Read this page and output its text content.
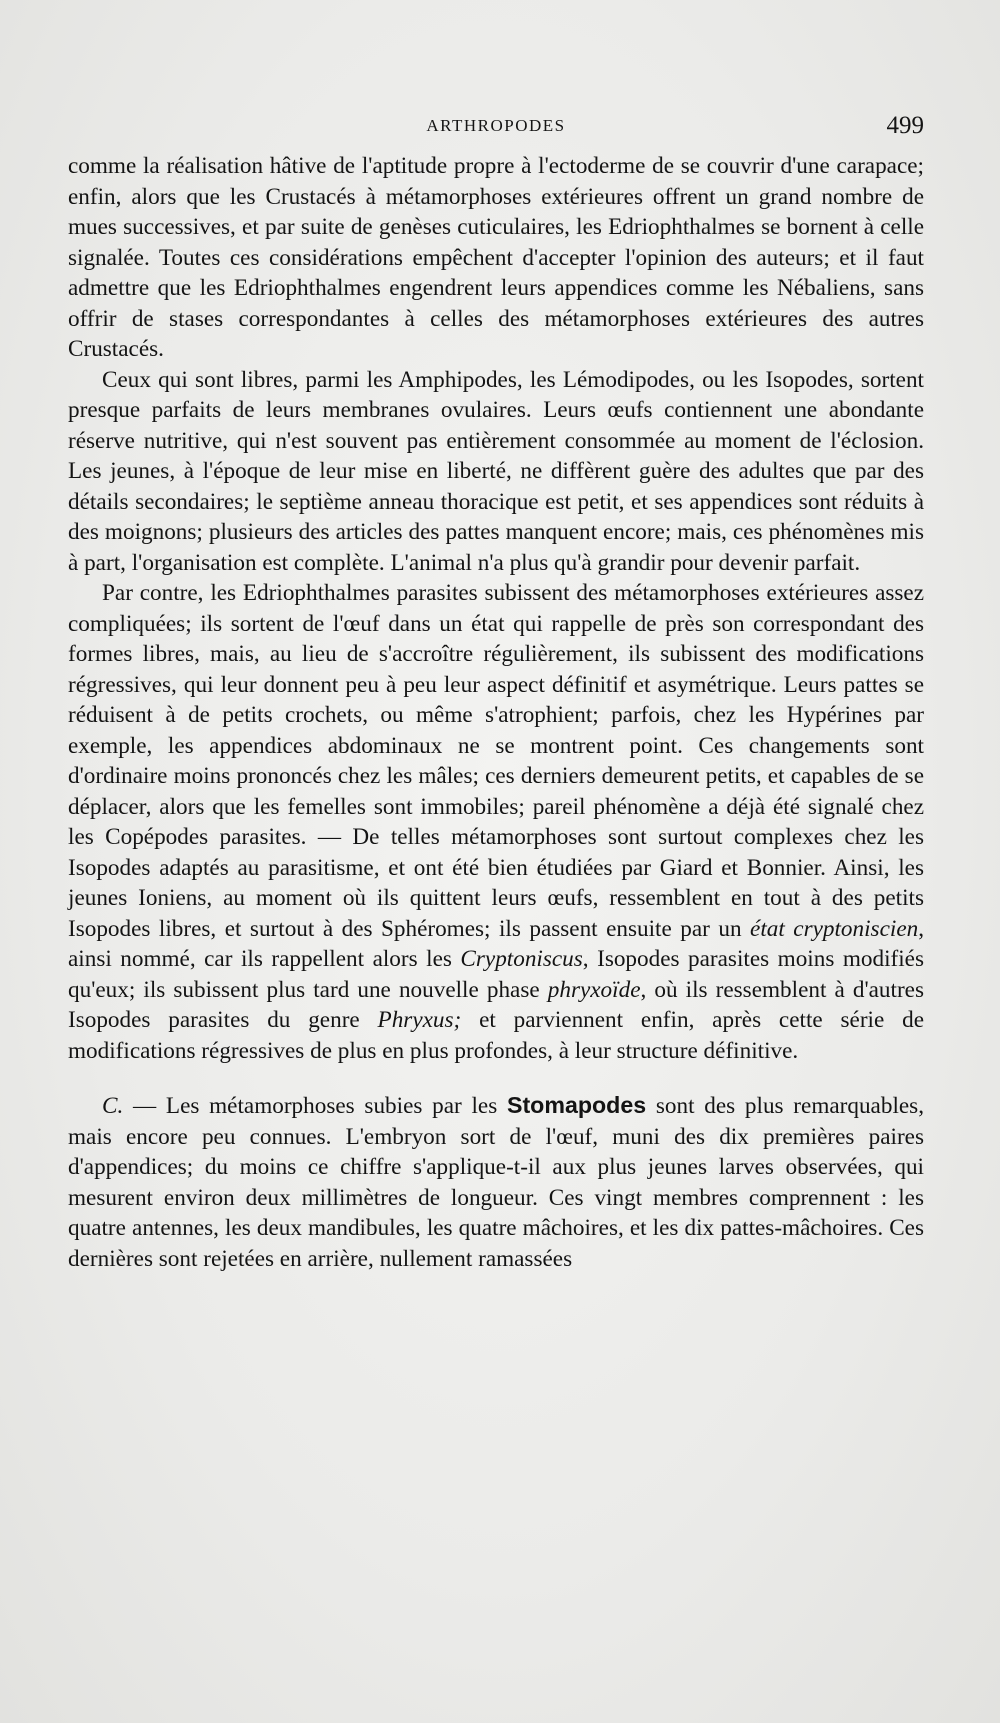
ARTHROPODES	499

comme la réalisation hâtive de l'aptitude propre à l'ectoderme de se couvrir d'une carapace; enfin, alors que les Crustacés à métamorphoses extérieures offrent un grand nombre de mues successives, et par suite de genèses cuticulaires, les Edriophthalmes se bornent à celle signalée. Toutes ces considérations empêchent d'accepter l'opinion des auteurs; et il faut admettre que les Edriophthalmes engendrent leurs appendices comme les Nébaliens, sans offrir de stases correspondantes à celles des métamorphoses extérieures des autres Crustacés.

Ceux qui sont libres, parmi les Amphipodes, les Lémodipodes, ou les Isopodes, sortent presque parfaits de leurs membranes ovulaires. Leurs œufs contiennent une abondante réserve nutritive, qui n'est souvent pas entièrement consommée au moment de l'éclosion. Les jeunes, à l'époque de leur mise en liberté, ne diffèrent guère des adultes que par des détails secondaires; le septième anneau thoracique est petit, et ses appendices sont réduits à des moignons; plusieurs des articles des pattes manquent encore; mais, ces phénomènes mis à part, l'organisation est complète. L'animal n'a plus qu'à grandir pour devenir parfait.

Par contre, les Edriophthalmes parasites subissent des métamorphoses extérieures assez compliquées; ils sortent de l'œuf dans un état qui rappelle de près son correspondant des formes libres, mais, au lieu de s'accroître régulièrement, ils subissent des modifications régressives, qui leur donnent peu à peu leur aspect définitif et asymétrique. Leurs pattes se réduisent à de petits crochets, ou même s'atrophient; parfois, chez les Hypérines par exemple, les appendices abdominaux ne se montrent point. Ces changements sont d'ordinaire moins prononcés chez les mâles; ces derniers demeurent petits, et capables de se déplacer, alors que les femelles sont immobiles; pareil phénomène a déjà été signalé chez les Copépodes parasites. — De telles métamorphoses sont surtout complexes chez les Isopodes adaptés au parasitisme, et ont été bien étudiées par Giard et Bonnier. Ainsi, les jeunes Ioniens, au moment où ils quittent leurs œufs, ressemblent en tout à des petits Isopodes libres, et surtout à des Sphéromes; ils passent ensuite par un état cryptoniscien, ainsi nommé, car ils rappellent alors les Cryptoniscus, Isopodes parasites moins modifiés qu'eux; ils subissent plus tard une nouvelle phase phryxoïde, où ils ressemblent à d'autres Isopodes parasites du genre Phryxus; et parviennent enfin, après cette série de modifications régressives de plus en plus profondes, à leur structure définitive.

C. — Les métamorphoses subies par les Stomapodes sont des plus remarquables, mais encore peu connues. L'embryon sort de l'œuf, muni des dix premières paires d'appendices; du moins ce chiffre s'applique-t-il aux plus jeunes larves observées, qui mesurent environ deux millimètres de longueur. Ces vingt membres comprennent : les quatre antennes, les deux mandibules, les quatre mâchoires, et les dix pattes-mâchoires. Ces dernières sont rejetées en arrière, nullement ramassées
